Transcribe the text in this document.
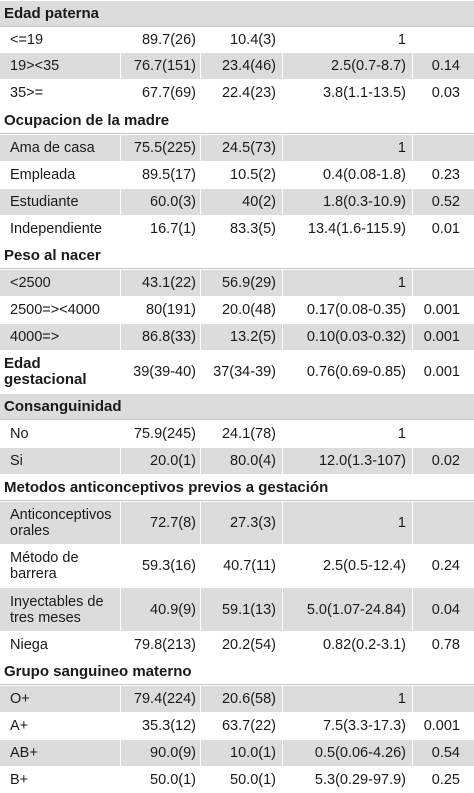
Edad paterna
<=19	89.7(26)	10.4(3)	1
19><35	76.7(151)	23.4(46)	2.5(0.7-8.7)	0.14
35>=	67.7(69)	22.4(23)	3.8(1.1-13.5)	0.03
Ocupacion de la madre
Ama de casa	75.5(225)	24.5(73)	1
Empleada	89.5(17)	10.5(2)	0.4(0.08-1.8)	0.23
Estudiante	60.0(3)	40(2)	1.8(0.3-10.9)	0.52
Independiente	16.7(1)	83.3(5)	13.4(1.6-115.9)	0.01
Peso al nacer
<2500	43.1(22)	56.9(29)	1
2500=><4000	80(191)	20.0(48)	0.17(0.08-0.35)	0.001
4000=>	86.8(33)	13.2(5)	0.10(0.03-0.32)	0.001
Edad gestacional	39(39-40)	37(34-39)	0.76(0.69-0.85)	0.001
Consanguinidad
No	75.9(245)	24.1(78)	1
Si	20.0(1)	80.0(4)	12.0(1.3-107)	0.02
Metodos anticonceptivos previos a gestación
Anticonceptivos orales	72.7(8)	27.3(3)	1
Método de barrera	59.3(16)	40.7(11)	2.5(0.5-12.4)	0.24
Inyectables de tres meses	40.9(9)	59.1(13)	5.0(1.07-24.84)	0.04
Niega	79.8(213)	20.2(54)	0.82(0.2-3.1)	0.78
Grupo sanguineo materno
O+	79.4(224)	20.6(58)	1
A+	35.3(12)	63.7(22)	7.5(3.3-17.3)	0.001
AB+	90.0(9)	10.0(1)	0.5(0.06-4.26)	0.54
B+	50.0(1)	50.0(1)	5.3(0.29-97.9)	0.25
